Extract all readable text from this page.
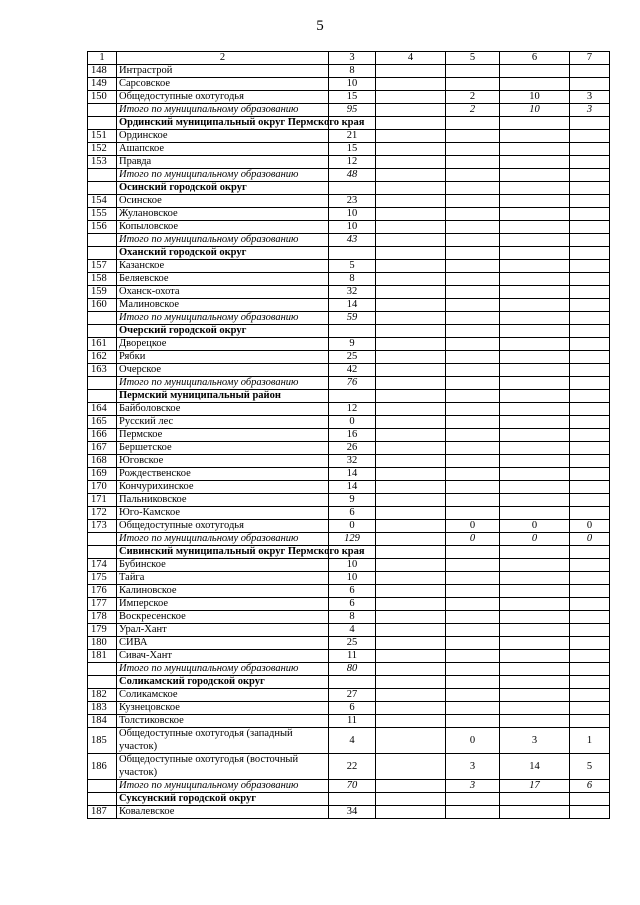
5
1	2	3	4	5	6	7
148	Интрастрой	8				
149	Сарсовское	10				
150	Общедоступные охотугодья	15		2	10	3
	Итого по муниципальному образованию	95		2	10	3
	Ординский муниципальный округ Пермского края					
151	Ординское	21				
152	Ашапское	15				
153	Правда	12				
	Итого по муниципальному образованию	48				
	Осинский городской округ					
154	Осинское	23				
155	Жулановское	10				
156	Копыловское	10				
	Итого по муниципальному образованию	43				
	Оханский городской округ					
157	Казанское	5				
158	Беляевское	8				
159	Оханск-охота	32				
160	Малиновское	14				
	Итого по муниципальному образованию	59				
	Очерский городской округ					
161	Дворецкое	9				
162	Рябки	25				
163	Очерское	42				
	Итого по муниципальному образованию	76				
	Пермский муниципальный район					
164	Байболовское	12				
165	Русский лес	0				
166	Пермское	16				
167	Бершетское	26				
168	Юговское	32				
169	Рождественское	14				
170	Кончурихинское	14				
171	Пальниковское	9				
172	Юго-Камское	6				
173	Общедоступные охотугодья	0		0	0	0
	Итого по муниципальному образованию	129		0	0	0
	Сивинский муниципальный округ Пермского края					
174	Бубинское	10				
175	Тайга	10				
176	Калиновское	6				
177	Имперское	6				
178	Воскресенское	8				
179	Урал-Хант	4				
180	СИВА	25				
181	Сивач-Хант	11				
	Итого по муниципальному образованию	80				
	Соликамский городской округ					
182	Соликамское	27				
183	Кузнецовское	6				
184	Толстиковское	11				
185	Общедоступные охотугодья (западный участок)	4		0	3	1
186	Общедоступные охотугодья (восточный участок)	22		3	14	5
	Итого по муниципальному образованию	70		3	17	6
	Суксунский городской округ					
187	Ковалевское	34				
